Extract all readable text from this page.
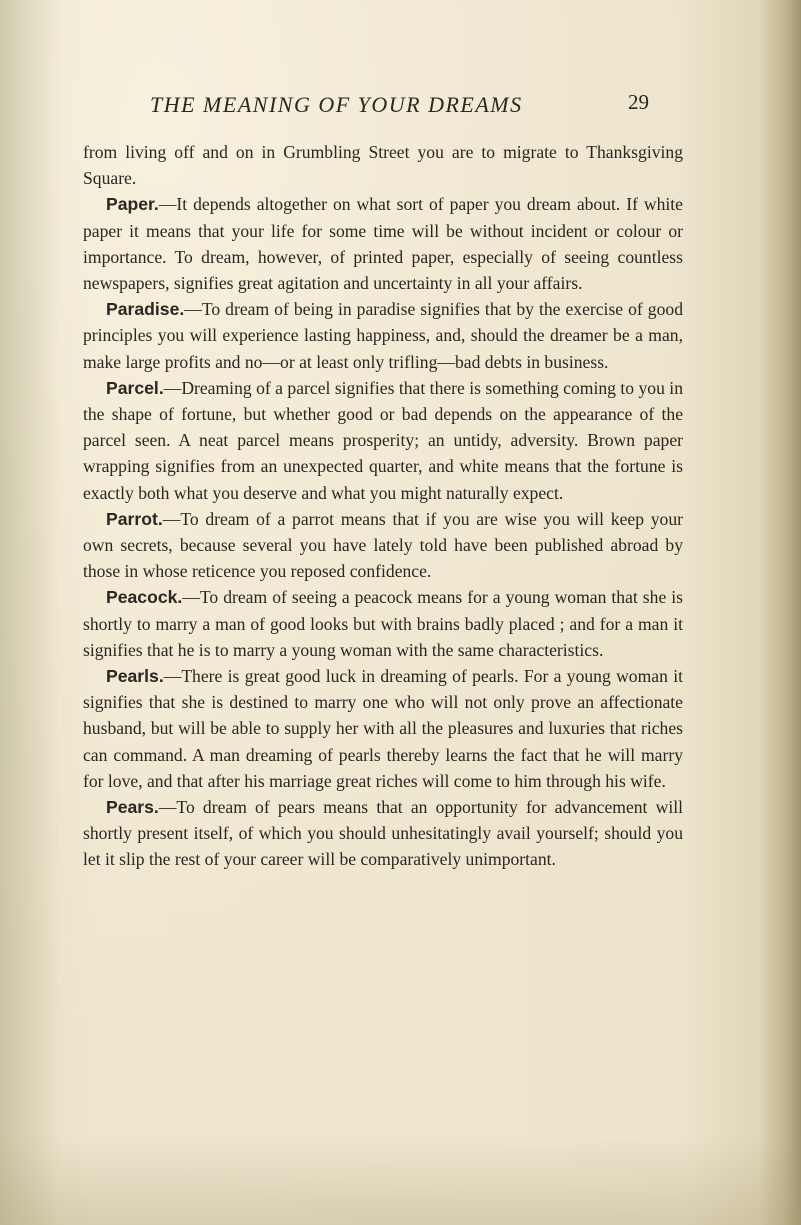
THE MEANING OF YOUR DREAMS	29

from living off and on in Grumbling Street you are to migrate to Thanksgiving Square.

Paper.—It depends altogether on what sort of paper you dream about. If white paper it means that your life for some time will be without incident or colour or importance. To dream, however, of printed paper, especially of seeing countless newspapers, signifies great agitation and uncertainty in all your affairs.

Paradise.—To dream of being in paradise signifies that by the exercise of good principles you will experience lasting happiness, and, should the dreamer be a man, make large profits and no—or at least only trifling—bad debts in business.

Parcel.—Dreaming of a parcel signifies that there is something coming to you in the shape of fortune, but whether good or bad depends on the appearance of the parcel seen. A neat parcel means prosperity; an untidy, adversity. Brown paper wrapping signifies from an unexpected quarter, and white means that the fortune is exactly both what you deserve and what you might naturally expect.

Parrot.—To dream of a parrot means that if you are wise you will keep your own secrets, because several you have lately told have been published abroad by those in whose reticence you reposed confidence.

Peacock.—To dream of seeing a peacock means for a young woman that she is shortly to marry a man of good looks but with brains badly placed ; and for a man it signifies that he is to marry a young woman with the same characteristics.

Pearls.—There is great good luck in dreaming of pearls. For a young woman it signifies that she is destined to marry one who will not only prove an affectionate husband, but will be able to supply her with all the pleasures and luxuries that riches can command. A man dreaming of pearls thereby learns the fact that he will marry for love, and that after his marriage great riches will come to him through his wife.

Pears.—To dream of pears means that an opportunity for advancement will shortly present itself, of which you should unhesitatingly avail yourself; should you let it slip the rest of your career will be comparatively unimportant.
